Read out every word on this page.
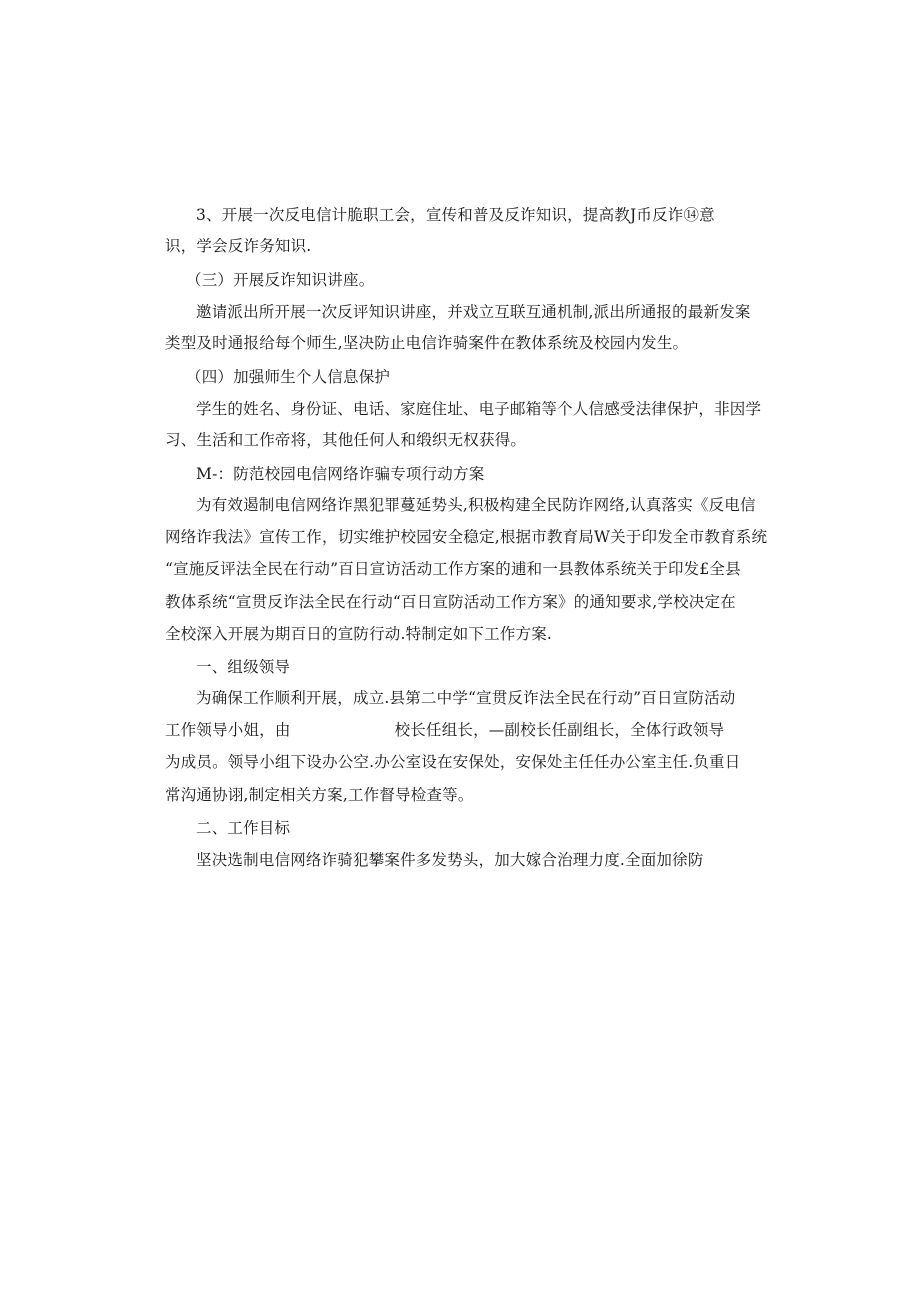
3、开展一次反电信计脆职工会，宣传和普及反诈知识，提高教J币反诈⑭意
识，学会反诈务知识.
（三）开展反诈知识讲座。
邀请派出所开展一次反评知识讲座，并戏立互联互通机制,派出所通报的最新发案
类型及时通报给每个师生,坚决防止电信诈骑案件在教体系统及校园内发生。
（四）加强师生个人信息保护
学生的姓名、身份证、电话、家庭住址、电子邮箱等个人信感受法律保护，非因学
习、生活和工作帝将，其他任何人和缎织无权获得。
M-：防范校园电信网络诈骗专项行动方案
为有效遏制电信网络诈黑犯罪蔓延势头,积极构建全民防诈网络,认真落实《反电信
网络诈我法》宣传工作，切实维护校园安全稳定,根据市教育局W关于印发全市教育系统
“宣施反评法全民在行动”百日宣访活动工作方案的逋和一县教体系统关于印发£全县
教体系统“宣贯反诈法全民在行动“百日宣防活动工作方案》的通知要求,学校决定在
全校深入开展为期百日的宣防行动.特制定如下工作方案.
一、组级领导
为确保工作顺利开展，成立.县第二中学“宣贯反诈法全民在行动”百日宣防活动
工作领导小姐，由	校长任组长，—副校长任副组长，全体行政领导
为成员。领导小组下设办公空.办公室设在安保处，安保处主任任办公室主任.负重日
常沟通协诩,制定相关方案,工作督导检查等。
二、工作目标
坚决选制电信网络诈骑犯攀案件多发势头，加大嫁合治理力度.全面加徐防
